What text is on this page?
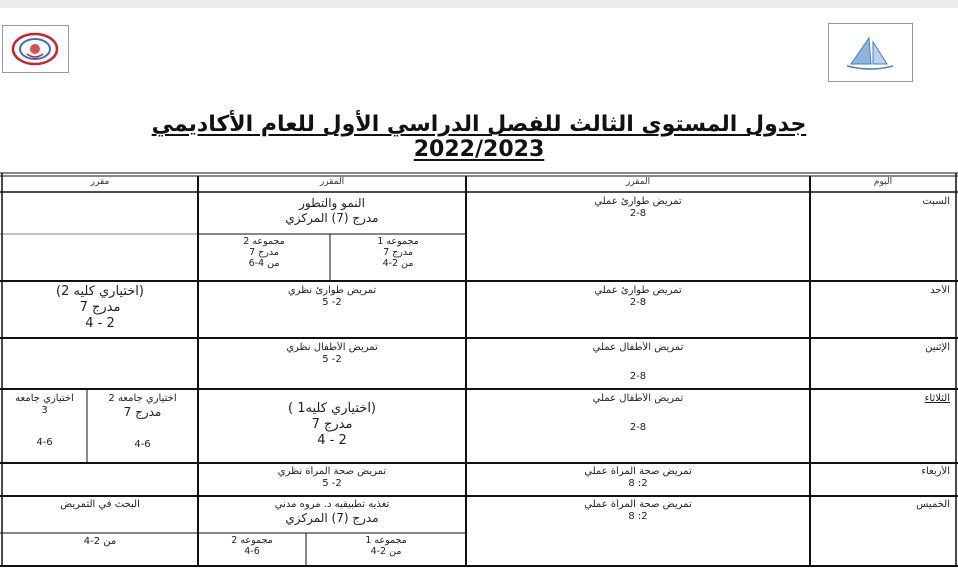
جدول المستوى الثالث للفصل الدراسي الأول للعام الأكاديمي 2022/2023
اليوم
المقرر
المقرر
مقرر
السبت
تمريض طوارئ عملي
2-8
النمو والتطور
مدرج (7) المركزي
مجموعه 1
مدرج 7
من 2-4
مجموعه 2
مدرج 7
من 4-6
الأحد
تمريض طوارئ عملي
2-8
تمريض طوارئ نظري
2- 5
(اختياري كليه 2)
مدرج 7
2 - 4
الإثنين
تمريض الأطفال عملي
2-8
تمريض الأطفال نظري
2- 5
الثلاثاء
تمريض الأطفال عملي
2-8
(اختياري كليه1 )
مدرج 7
2 - 4
اختياري جامعه 2
مدرج 7
4-6
اختياري جامعه
3
4-6
الأربعاء
تمريض صحة المرأة عملي
2: 8
تمريض صحة المرأة نظري
2- 5
الخميس
تمريض صحة المرأة عملي
2: 8
تغذيه تطبيقيه د. مروه مدني
مدرج (7) المركزي
مجموعه 1
من 2-4
مجموعه 2
4-6
البحث في التمريض
من 2-4
